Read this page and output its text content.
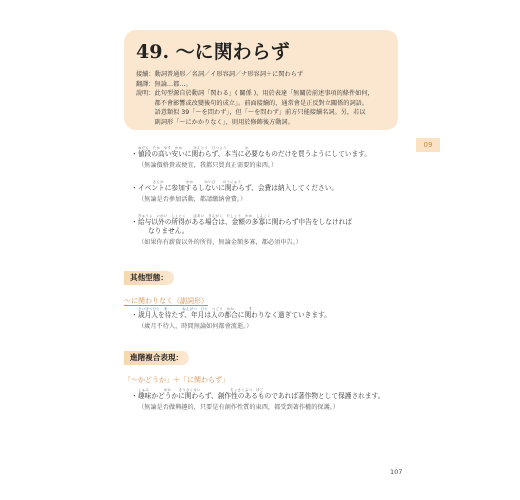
49. ～に関わらず
接續：動詞普通形／名詞／イ形容詞／ナ形容詞＋に関わらず
翻譯：無論…都…。
說明：此句型源自於動詞「関わる」( 關係 )，用於表達「無關於前述事項的條件如何，
　　　都不會影響或改變後句的成立」。前面接續的，通常會是正反對立關係的詞語。
　　　語意類似 39「～を問わず」，但「～を問わず」前方只能接續名詞。另，若以
　　　副詞形「～にかかりなく」，則用於修飾後方動詞。
09
ねだん　たか　やす　かか　　　ほんとう　ひつよう　　　　　か
・ 値段の高い安いに関わらず、本当に必要なものだけを買うようにしています。
（無論價格貴或便宜，我都只買真正需要的東西。）
　　　　さんか　　　　　　かか　　　かいひ　　のうにゅう
・ イベントに参加するしないに関わらず、会費は納入してください。
（無論是否參加活動，都請繳納會費。）
きゅうよ　いがい　しょとく　　ばあい　きんがく　たしょう　かか　しんこく
・ 給与以外の所得がある場合は、金額の多寡に関わらず申告をしなければ
なりません。
（如果你有薪資以外的所得，無論金額多寡，都必須申告。）
其他型態：
～に関わりなく（副詞形）
さいげつひと　ま　　　　ねんげつ　ひと　つごう　かか　　　　す
・ 歳月人を待たず、年月は人の都合に関わりなく過ぎていきます。
（歲月不待人，時間無論如何都會流逝。）
進階複合表現：
「～かどうか」＋「に関わらず」
しゅみ　　　　かか　　そうさくせい　　　　　　　　ちょさくぶつ　ほご
・ 趣味かどうかに関わらず、創作性のあるものであれば著作物として保護されます。
（無論是否做興趣的，只要是有創作性質的東西，都受到著作權的保護。）
107
